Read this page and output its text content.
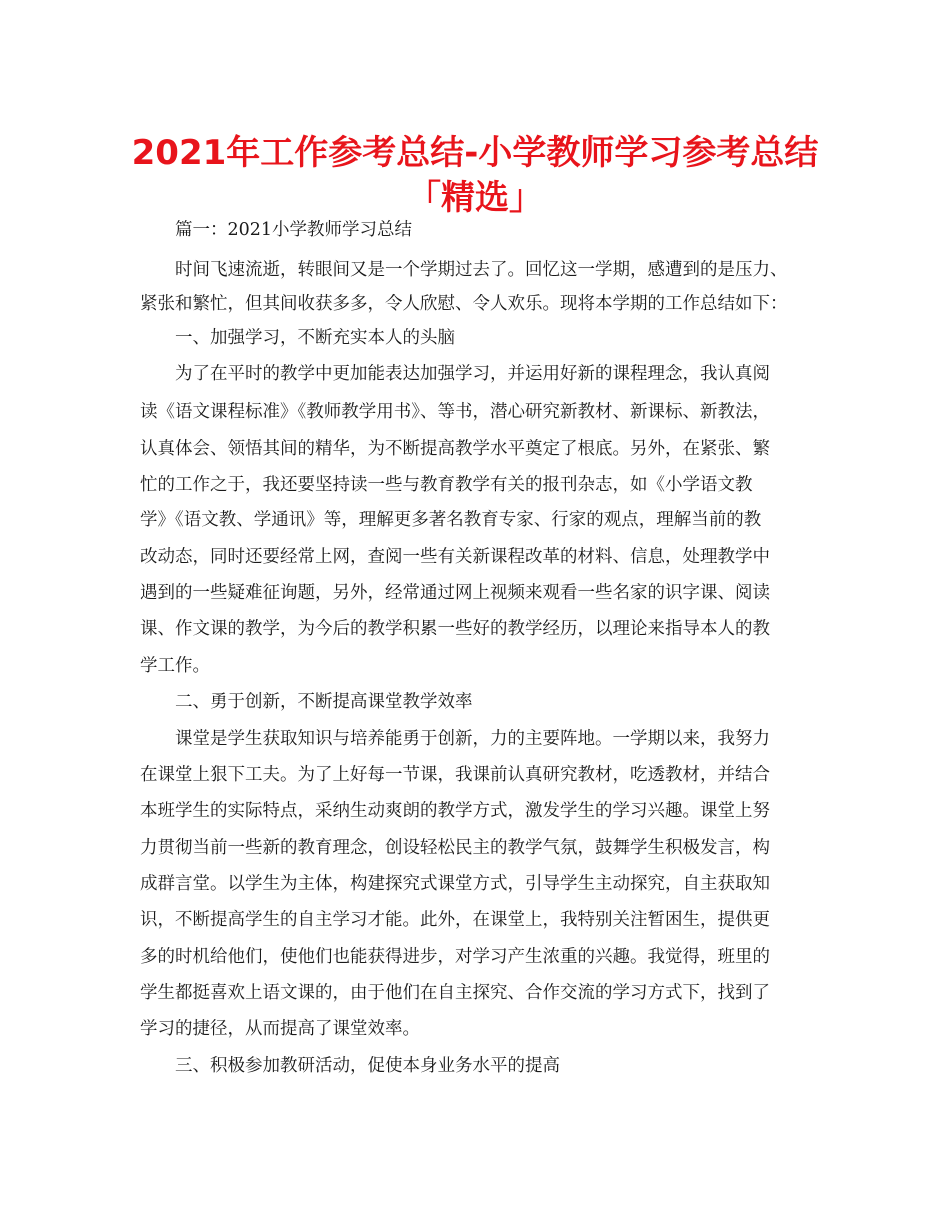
2021年工作参考总结-小学教师学习参考总结
「精选」
篇一：2021小学教师学习总结
时间飞速流逝，转眼间又是一个学期过去了。回忆这一学期，感遭到的是压力、
紧张和繁忙，但其间收获多多，令人欣慰、令人欢乐。现将本学期的工作总结如下：
一、加强学习，不断充实本人的头脑
为了在平时的教学中更加能表达加强学习，并运用好新的课程理念，我认真阅
读《语文课程标准》《教师教学用书》、等书，潜心研究新教材、新课标、新教法，
认真体会、领悟其间的精华，为不断提高教学水平奠定了根底。另外，在紧张、繁
忙的工作之于，我还要坚持读一些与教育教学有关的报刊杂志，如《小学语文教
学》《语文教、学通讯》等，理解更多著名教育专家、行家的观点，理解当前的教
改动态，同时还要经常上网，查阅一些有关新课程改革的材料、信息，处理教学中
遇到的一些疑难征询题，另外，经常通过网上视频来观看一些名家的识字课、阅读
课、作文课的教学，为今后的教学积累一些好的教学经历，以理论来指导本人的教
学工作。
二、勇于创新，不断提高课堂教学效率
课堂是学生获取知识与培养能勇于创新，力的主要阵地。一学期以来，我努力
在课堂上狠下工夫。为了上好每一节课，我课前认真研究教材，吃透教材，并结合
本班学生的实际特点，采纳生动爽朗的教学方式，激发学生的学习兴趣。课堂上努
力贯彻当前一些新的教育理念，创设轻松民主的教学气氛，鼓舞学生积极发言，构
成群言堂。以学生为主体，构建探究式课堂方式，引导学生主动探究，自主获取知
识，不断提高学生的自主学习才能。此外，在课堂上，我特别关注暂困生，提供更
多的时机给他们，使他们也能获得进步，对学习产生浓重的兴趣。我觉得，班里的
学生都挺喜欢上语文课的，由于他们在自主探究、合作交流的学习方式下，找到了
学习的捷径，从而提高了课堂效率。
三、积极参加教研活动，促使本身业务水平的提高
